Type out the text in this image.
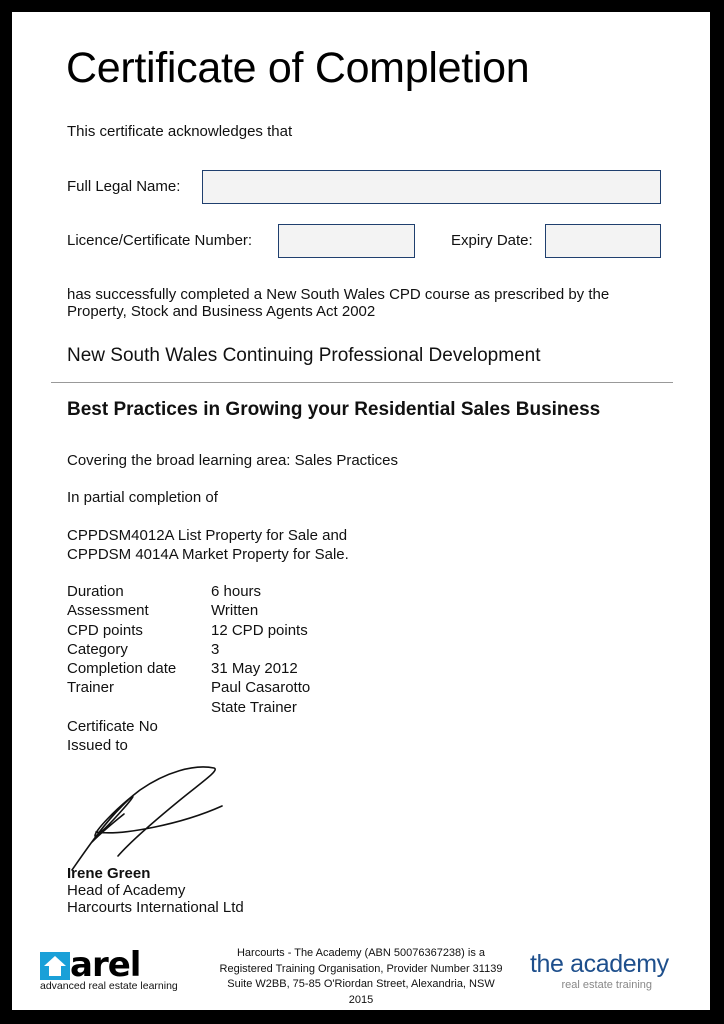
Certificate of Completion
This certificate acknowledges that
Full Legal Name:
Licence/Certificate Number:	Expiry Date:
has successfully completed a New South Wales CPD course as prescribed by the
Property, Stock and Business Agents Act 2002
New South Wales Continuing Professional Development
Best Practices in Growing your Residential Sales Business
Covering the broad learning area: Sales Practices
In partial completion of
CPPDSM4012A List Property for Sale and
CPPDSM 4014A Market Property for Sale.
Duration	6 hours
Assessment	Written
CPD points	12 CPD points
Category	3
Completion date	31 May 2012
Trainer	Paul Casarotto
State Trainer
Certificate No
Issued to
Irene Green
Head of Academy
Harcourts International Ltd
arel
advanced real estate learning
Harcourts - The Academy (ABN 50076367238) is a
Registered Training Organisation, Provider Number 31139
Suite W2BB, 75-85 O'Riordan Street, Alexandria, NSW 2015
the academy
real estate training
